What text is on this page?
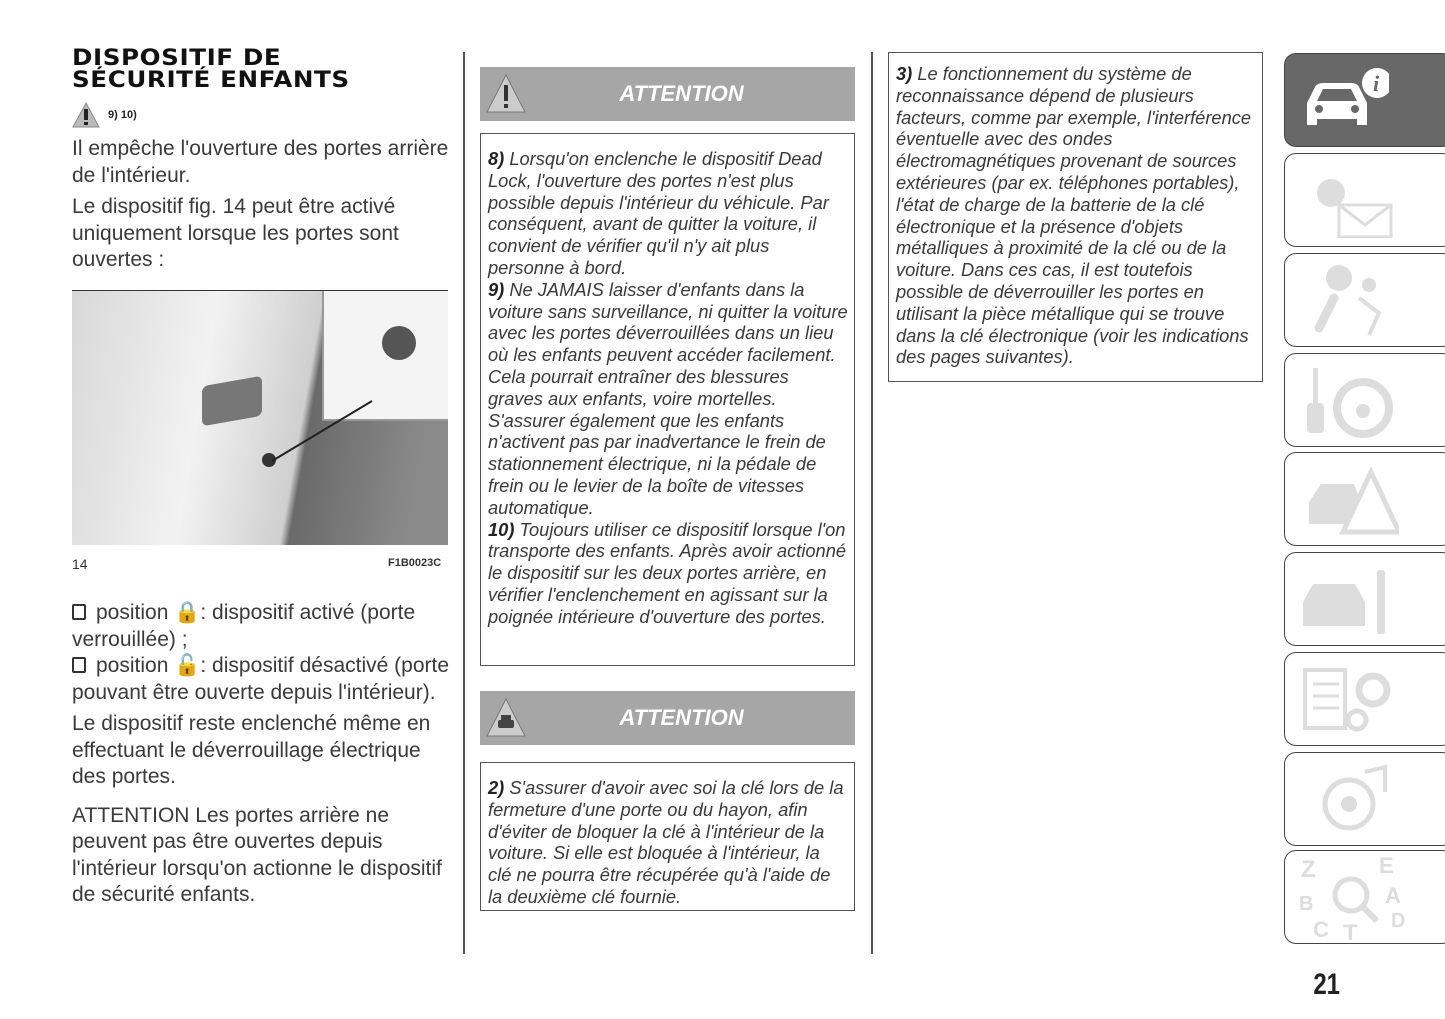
DISPOSITIF DE
SÉCURITÉ ENFANTS
9) 10)

Il empêche l'ouverture des portes arrière de l'intérieur.

Le dispositif fig. 14 peut être activé uniquement lorsque les portes sont ouvertes :

14	F1B0023C

position 🔒: dispositif activé (porte verrouillée) ;

position 🔓: dispositif désactivé (porte pouvant être ouverte depuis l'intérieur).

Le dispositif reste enclenché même en effectuant le déverrouillage électrique des portes.

ATTENTION Les portes arrière ne peuvent pas être ouvertes depuis l'intérieur lorsqu'on actionne le dispositif de sécurité enfants.

ATTENTION
8) Lorsqu'on enclenche le dispositif Dead Lock, l'ouverture des portes n'est plus possible depuis l'intérieur du véhicule. Par conséquent, avant de quitter la voiture, il convient de vérifier qu'il n'y ait plus personne à bord.
9) Ne JAMAIS laisser d'enfants dans la voiture sans surveillance, ni quitter la voiture avec les portes déverrouillées dans un lieu où les enfants peuvent accéder facilement. Cela pourrait entraîner des blessures graves aux enfants, voire mortelles. S'assurer également que les enfants n'activent pas par inadvertance le frein de stationnement électrique, ni la pédale de frein ou le levier de la boîte de vitesses automatique.
10) Toujours utiliser ce dispositif lorsque l'on transporte des enfants. Après avoir actionné le dispositif sur les deux portes arrière, en vérifier l'enclenchement en agissant sur la poignée intérieure d'ouverture des portes.
ATTENTION
2) S'assurer d'avoir avec soi la clé lors de la fermeture d'une porte ou du hayon, afin d'éviter de bloquer la clé à l'intérieur de la voiture. Si elle est bloquée à l'intérieur, la clé ne pourra être récupérée qu'à l'aide de la deuxième clé fournie.
3) Le fonctionnement du système de reconnaissance dépend de plusieurs facteurs, comme par exemple, l'interférence éventuelle avec des ondes électromagnétiques provenant de sources extérieures (par ex. téléphones portables), l'état de charge de la batterie de la clé électronique et la présence d'objets métalliques à proximité de la clé ou de la voiture. Dans ces cas, il est toutefois possible de déverrouiller les portes en utilisant la pièce métallique qui se trouve dans la clé électronique (voir les indications des pages suivantes).
i
Z	E
B	A
C T D
21
